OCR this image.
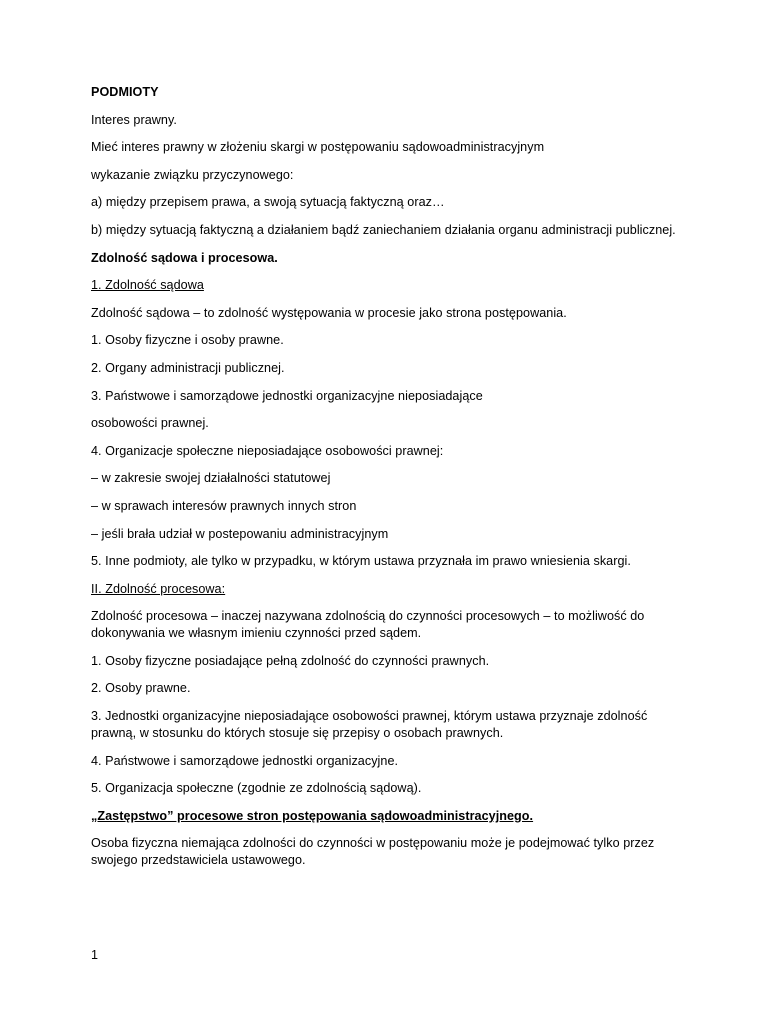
PODMIOTY

Interes prawny.

Mieć interes prawny w złożeniu skargi w postępowaniu sądowoadministracyjnym

wykazanie związku przyczynowego:

a) między przepisem prawa, a swoją sytuacją faktyczną oraz…

b) między sytuacją faktyczną a działaniem bądź zaniechaniem działania organu administracji publicznej.

Zdolność sądowa i procesowa.

1. Zdolność sądowa

Zdolność sądowa – to zdolność występowania w procesie jako strona postępowania.

1. Osoby fizyczne i osoby prawne.

2. Organy administracji publicznej.

3. Państwowe i samorządowe jednostki organizacyjne nieposiadające

osobowości prawnej.

4. Organizacje społeczne nieposiadające osobowości prawnej:

– w zakresie swojej działalności statutowej

– w sprawach interesów prawnych innych stron

– jeśli brała udział w postepowaniu administracyjnym

5. Inne podmioty, ale tylko w przypadku, w którym ustawa przyznała im prawo wniesienia skargi.

II. Zdolność procesowa:

Zdolność procesowa – inaczej nazywana zdolnością do czynności procesowych – to możliwość do dokonywania we własnym imieniu czynności przed sądem.

1. Osoby fizyczne posiadające pełną zdolność do czynności prawnych.

2. Osoby prawne.

3. Jednostki organizacyjne nieposiadające osobowości prawnej, którym ustawa przyznaje zdolność prawną, w stosunku do których stosuje się przepisy o osobach prawnych.

4. Państwowe i samorządowe jednostki organizacyjne.

5. Organizacja społeczne (zgodnie ze zdolnością sądową).

„Zastępstwo” procesowe stron postępowania sądowoadministracyjnego.

Osoba fizyczna niemająca zdolności do czynności w postępowaniu może je podejmować tylko przez swojego przedstawiciela ustawowego.

1
